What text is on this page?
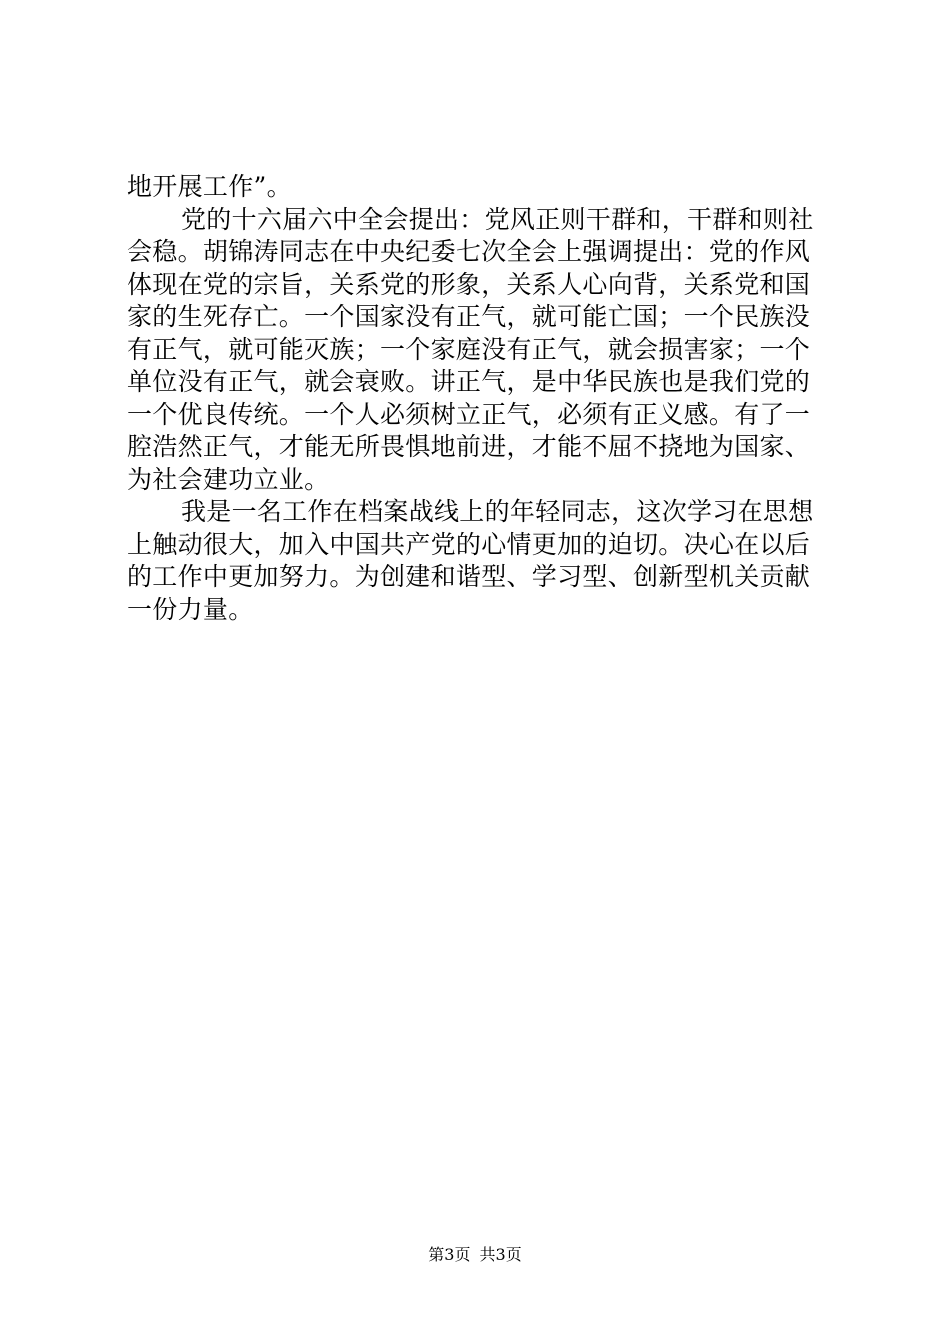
地开展工作”。
党的十六届六中全会提出：党风正则干群和，干群和则社
会稳。胡锦涛同志在中央纪委七次全会上强调提出：党的作风
体现在党的宗旨，关系党的形象，关系人心向背，关系党和国
家的生死存亡。一个国家没有正气，就可能亡国；一个民族没
有正气，就可能灭族；一个家庭没有正气，就会损害家；一个
单位没有正气，就会衰败。讲正气，是中华民族也是我们党的
一个优良传统。一个人必须树立正气，必须有正义感。有了一
腔浩然正气，才能无所畏惧地前进，才能不屈不挠地为国家、
为社会建功立业。
我是一名工作在档案战线上的年轻同志，这次学习在思想
上触动很大，加入中国共产党的心情更加的迫切。决心在以后
的工作中更加努力。为创建和谐型、学习型、创新型机关贡献
一份力量。
第3页 共3页
